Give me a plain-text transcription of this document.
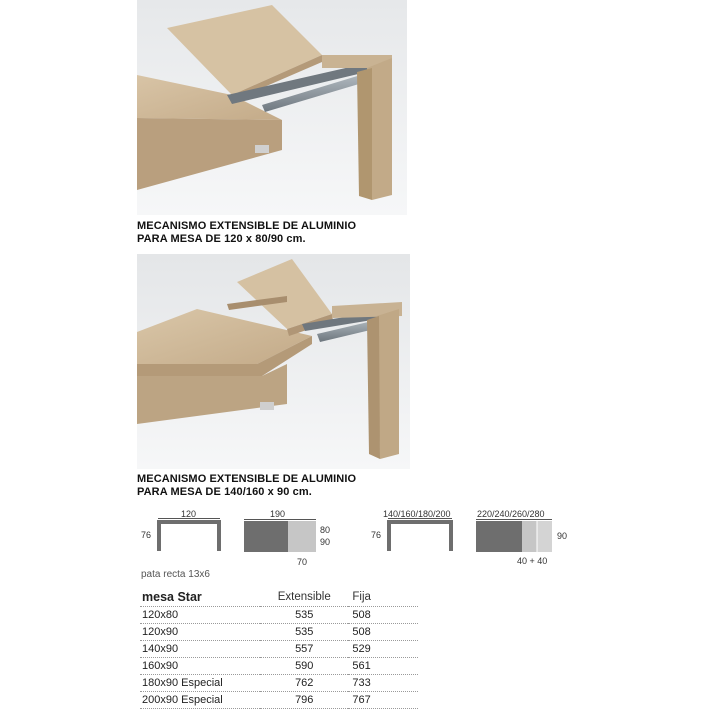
MECANISMO EXTENSIBLE DE ALUMINIO
PARA MESA DE 120 x 80/90 cm.
MECANISMO EXTENSIBLE DE ALUMINIO
PARA MESA DE 140/160 x 90 cm.
120
76
190
80
90
70
140/160/180/200
76
220/240/260/280
90
40 + 40
pata recta 13x6
mesa Star	Extensible	Fija
120x80	535	508
120x90	535	508
140x90	557	529
160x90	590	561
180x90 Especial	762	733
200x90 Especial	796	767
